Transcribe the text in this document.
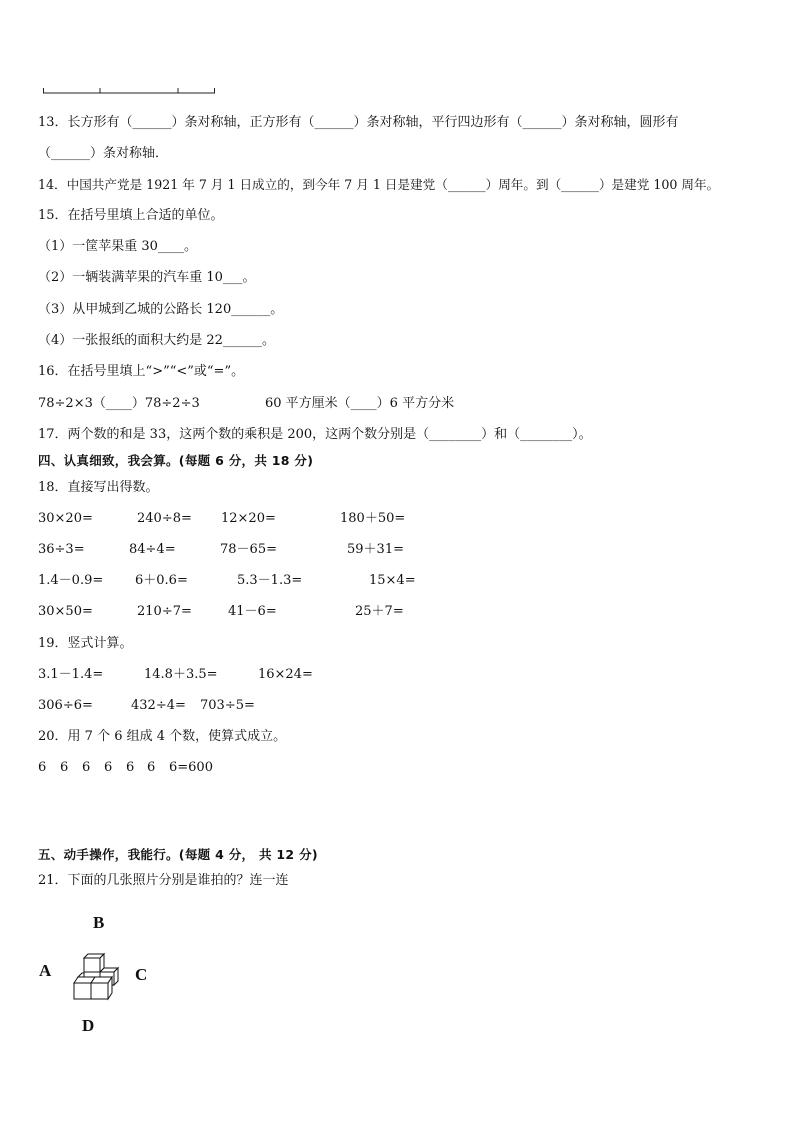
13．长方形有（______）条对称轴，正方形有（______）条对称轴，平行四边形有（______）条对称轴，圆形有
（______）条对称轴．
14．中国共产党是 1921 年 7 月 1 日成立的，到今年 7 月 1 日是建党（______）周年。到（______）是建党 100 周年。
15．在括号里填上合适的单位。
（1）一筐苹果重 30____。
（2）一辆装满苹果的汽车重 10___。
（3）从甲城到乙城的公路长 120______。
（4）一张报纸的面积大约是 22______。
16．在括号里填上“>”“<”或“=”。
78÷2×3（____）78÷2÷3	60 平方厘米（____）6 平方分米
17．两个数的和是 33，这两个数的乘积是 200，这两个数分别是（________）和（________）。
四、认真细致，我会算。(每题 6 分，共 18 分)
18．直接写出得数。
30×20=	240÷8= 12×20=	180＋50=
36÷3=	84÷4=	78－65=	59＋31=
1.4－0.9= 6＋0.6=	5.3－1.3=	15×4=
30×50=	210÷7=	41－6=	25＋7=
19．竖式计算。
3.1－1.4=	14.8＋3.5=	16×24=
306÷6=	432÷4= 703÷5=
20．用 7 个 6 组成 4 个数，使算式成立。
6 6 6 6 6 6 6=600
五、动手操作，我能行。(每题 4 分， 共 12 分)
21．下面的几张照片分别是谁拍的？连一连
B
A	C
D
